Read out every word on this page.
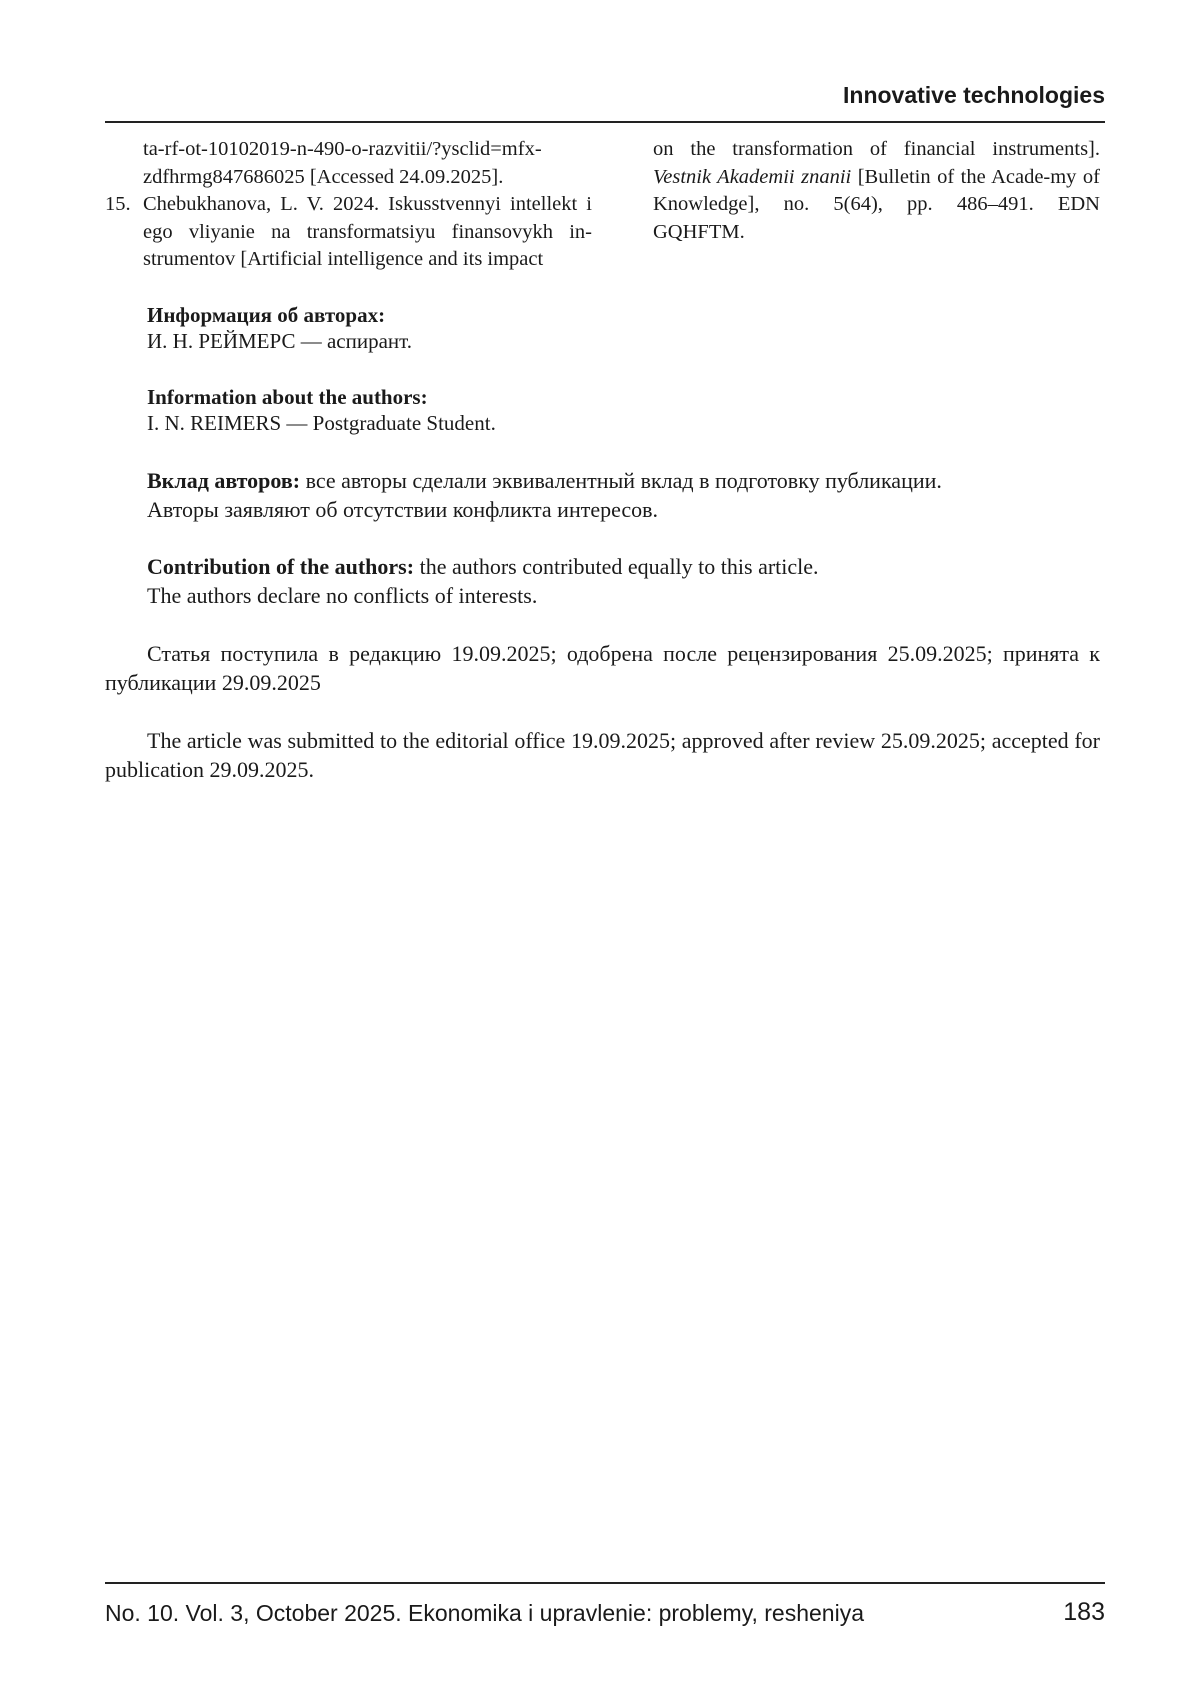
Innovative technologies
ta-rf-ot-10102019-n-490-o-razvitii/?ysclid=mfx-zdfhrmg847686025 [Accessed 24.09.2025].
15. Chebukhanova, L. V. 2024. Iskusstvennyi intellekt i ego vliyanie na transformatsiyu finansovykh in-strumentov [Artificial intelligence and its impact
on the transformation of financial instruments]. Vestnik Akademii znanii [Bulletin of the Acade-my of Knowledge], no. 5(64), pp. 486–491. EDN GQHFTM.
Информация об авторах:
И. Н. РЕЙМЕРС — аспирант.
Information about the authors:
I. N. REIMERS — Postgraduate Student.
Вклад авторов: все авторы сделали эквивалентный вклад в подготовку публикации.
Авторы заявляют об отсутствии конфликта интересов.
Contribution of the authors: the authors contributed equally to this article.
The authors declare no conflicts of interests.

Статья поступила в редакцию 19.09.2025; одобрена после рецензирования 25.09.2025; принята к публикации 29.09.2025

The article was submitted to the editorial office 19.09.2025; approved after review 25.09.2025; accepted for publication 29.09.2025.

No. 10. Vol. 3, October 2025. Ekonomika i upravlenie: problemy, resheniya	183
